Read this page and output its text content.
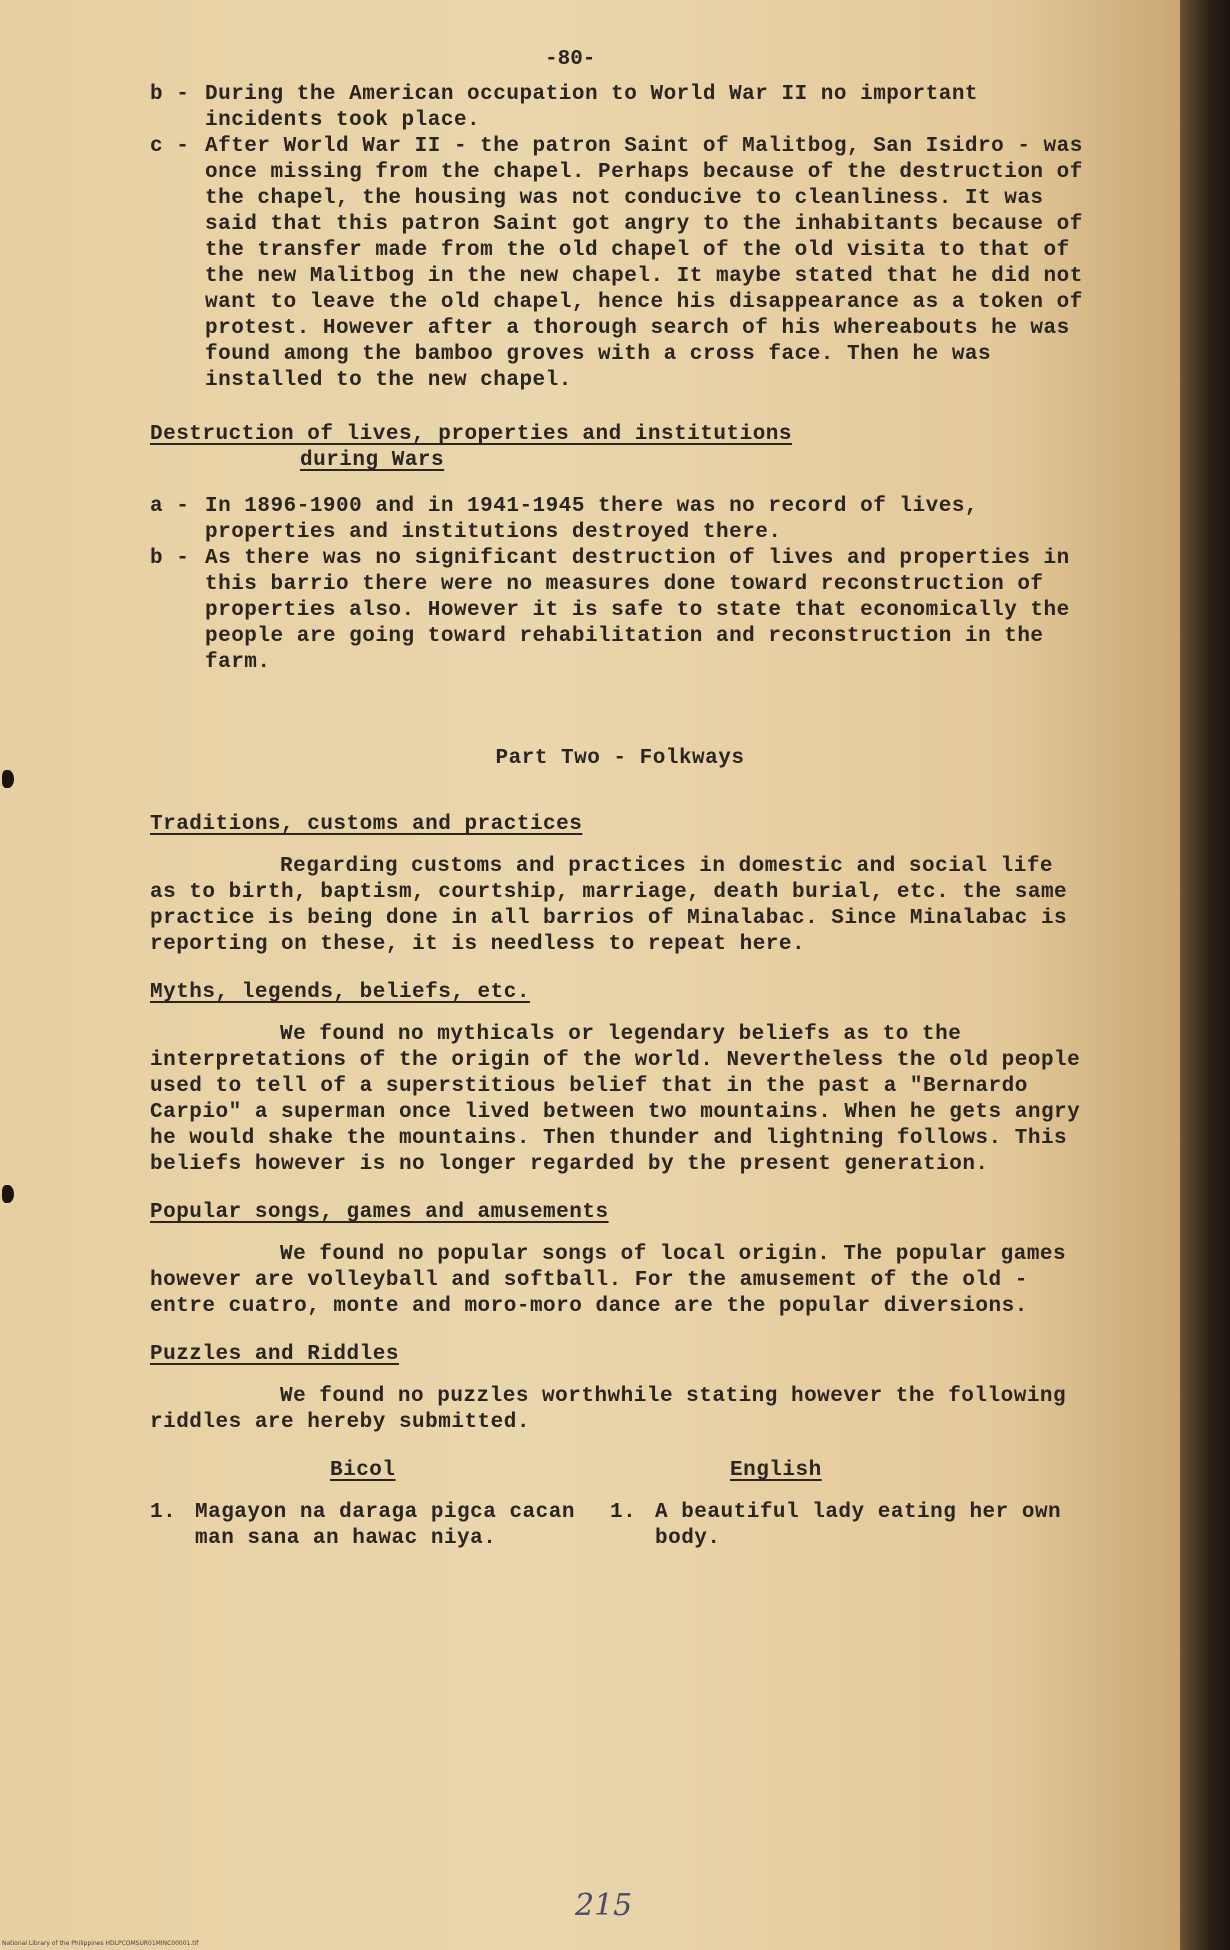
-80-

b - During the American occupation to World War II no important incidents took place.

c - After World War II - the patron Saint of Malitbog, San Isidro - was once missing from the chapel. Perhaps because of the destruction of the chapel, the housing was not conducive to cleanliness. It was said that this patron Saint got angry to the inhabitants because of the transfer made from the old chapel of the old visita to that of the new Malitbog in the new chapel. It maybe stated that he did not want to leave the old chapel, hence his disappearance as a token of protest. However after a thorough search of his whereabouts he was found among the bamboo groves with a cross face. Then he was installed to the new chapel.

Destruction of lives, properties and institutions

during Wars

a - In 1896-1900 and in 1941-1945 there was no record of lives, properties and institutions destroyed there.

b - As there was no significant destruction of lives and properties in this barrio there were no measures done toward reconstruction of properties also. However it is safe to state that economically the people are going toward rehabilitation and reconstruction in the farm.

Part Two - Folkways

Traditions, customs and practices

Regarding customs and practices in domestic and social life as to birth, baptism, courtship, marriage, death burial, etc. the same practice is being done in all barrios of Minalabac. Since Minalabac is reporting on these, it is needless to repeat here.

Myths, legends, beliefs, etc.

We found no mythicals or legendary beliefs as to the interpretations of the origin of the world. Nevertheless the old people used to tell of a superstitious belief that in the past a "Bernardo Carpio" a superman once lived between two mountains. When he gets angry he would shake the mountains. Then thunder and lightning follows. This beliefs however is no longer regarded by the present generation.

Popular songs, games and amusements

We found no popular songs of local origin. The popular games however are volleyball and softball. For the amusement of the old - entre cuatro, monte and moro-moro dance are the popular diversions.

Puzzles and Riddles

We found no puzzles worthwhile stating however the following riddles are hereby submitted.

Bicol

1. Magayon na daraga pigca cacan man sana an hawac niya.

English

1. A beautiful lady eating her own body.

215
National Library of the Philippines HDLPCOMSUR01MINC00001.tif
